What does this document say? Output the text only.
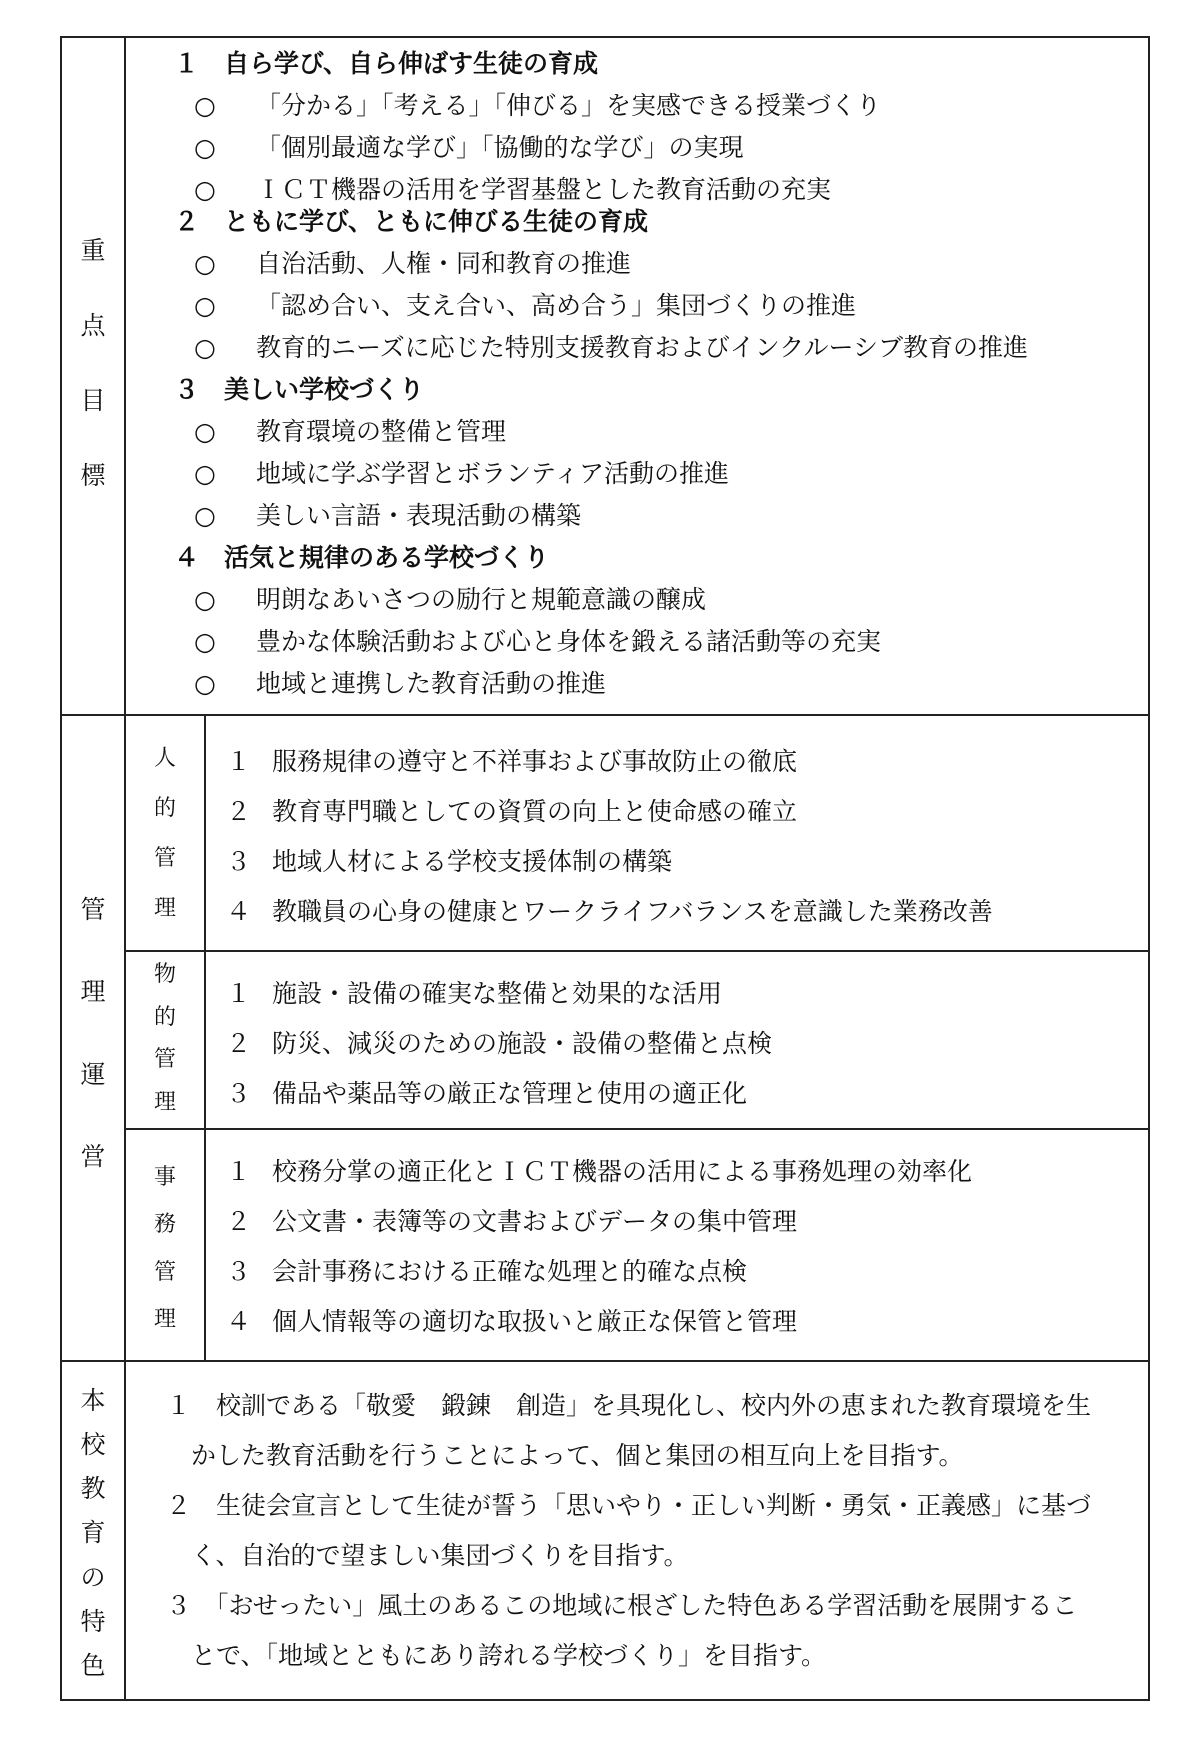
重
点
目
標
１　自ら学び、自ら伸ばす生徒の育成
○ 「分かる」「考える」「伸びる」を実感できる授業づくり
○ 「個別最適な学び」「協働的な学び」の実現
○ ＩＣＴ機器の活用を学習基盤とした教育活動の充実
２　ともに学び、ともに伸びる生徒の育成
○ 自治活動、人権・同和教育の推進
○ 「認め合い、支え合い、高め合う」集団づくりの推進
○ 教育的ニーズに応じた特別支援教育およびインクルーシブ教育の推進
３　美しい学校づくり
○ 教育環境の整備と管理
○ 地域に学ぶ学習とボランティア活動の推進
○ 美しい言語・表現活動の構築
４　活気と規律のある学校づくり
○ 明朗なあいさつの励行と規範意識の醸成
○ 豊かな体験活動および心と身体を鍛える諸活動等の充実
○ 地域と連携した教育活動の推進
管
理
運
営
人
的
管
理
物
的
管
理
事
務
管
理
１ 服務規律の遵守と不祥事および事故防止の徹底
２ 教育専門職としての資質の向上と使命感の確立
３ 地域人材による学校支援体制の構築
４ 教職員の心身の健康とワークライフバランスを意識した業務改善
１ 施設・設備の確実な整備と効果的な活用
２ 防災、減災のための施設・設備の整備と点検
３ 備品や薬品等の厳正な管理と使用の適正化
１ 校務分掌の適正化とＩＣＴ機器の活用による事務処理の効率化
２ 公文書・表簿等の文書およびデータの集中管理
３ 会計事務における正確な処理と的確な点検
４ 個人情報等の適切な取扱いと厳正な保管と管理
本
校
教
育
の
特
色
１　校訓である「敬愛　鍛錬　創造」を具現化し、校内外の恵まれた教育環境を生
　かした教育活動を行うことによって、個と集団の相互向上を目指す。
２　生徒会宣言として生徒が誓う「思いやり・正しい判断・勇気・正義感」に基づ
　く、自治的で望ましい集団づくりを目指す。
３　「おせったい」風土のあるこの地域に根ざした特色ある学習活動を展開するこ
　とで、「地域とともにあり誇れる学校づくり」を目指す。
